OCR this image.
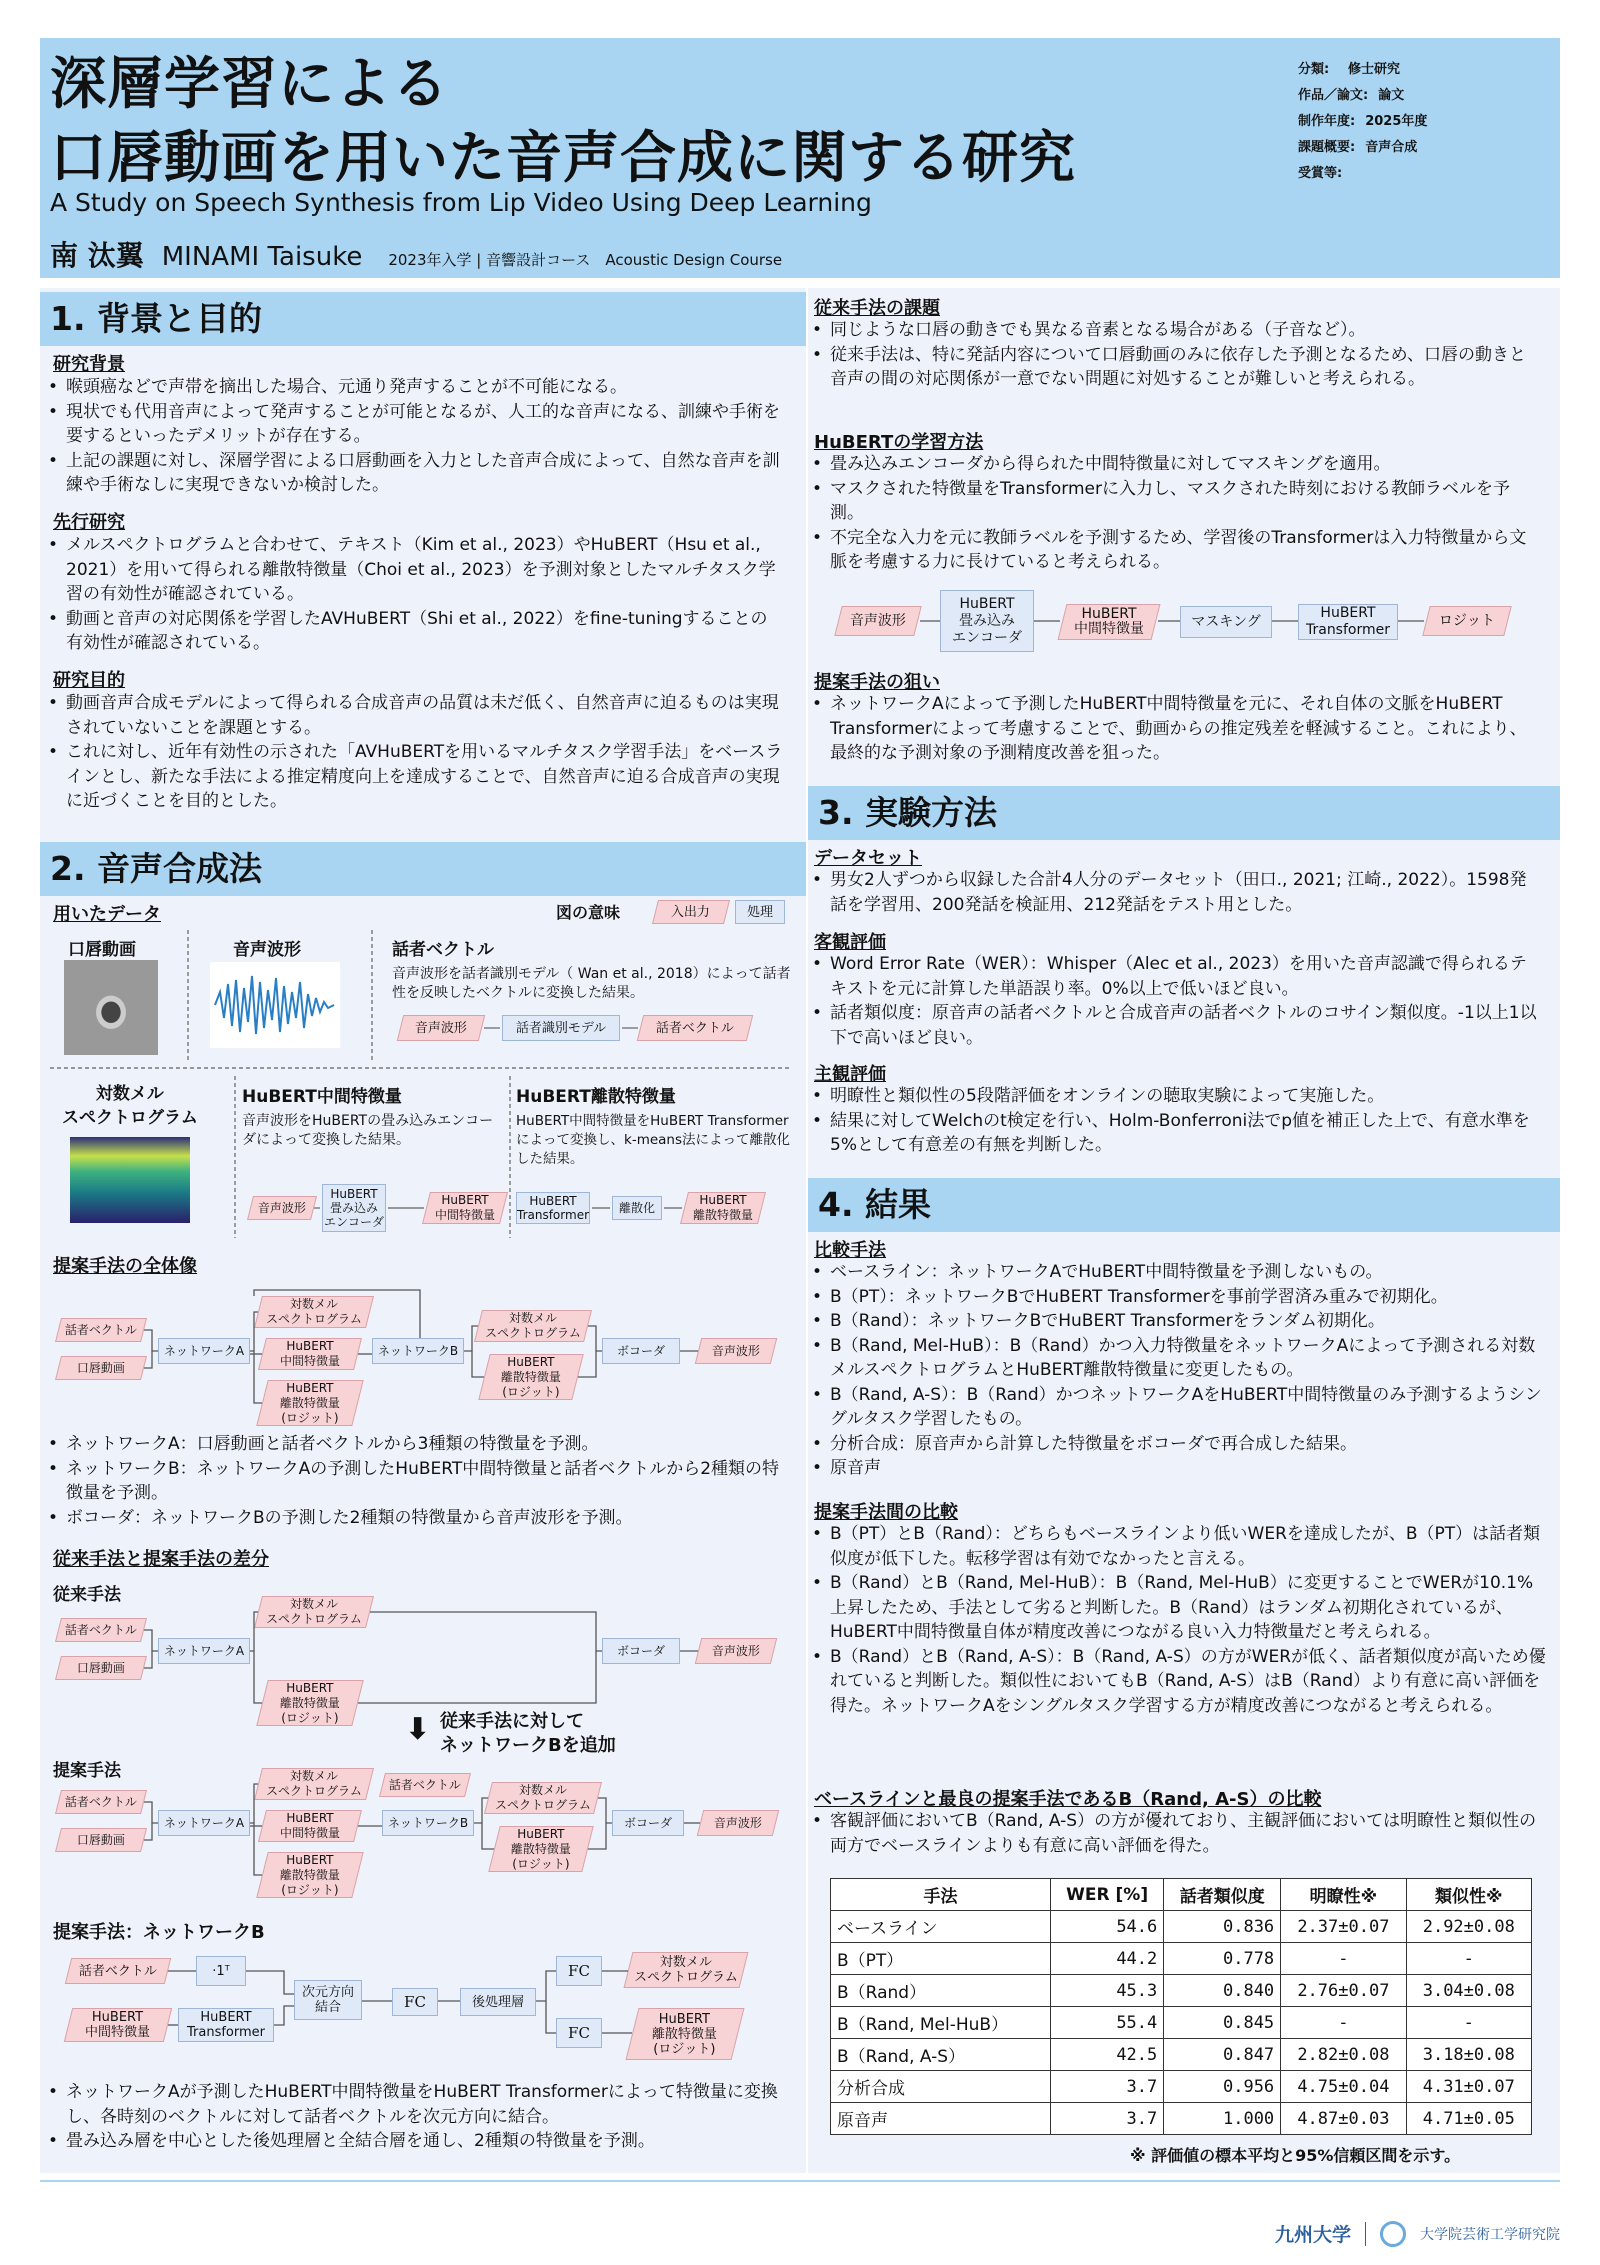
深層学習による
口唇動画を用いた音声合成に関する研究
A Study on Speech Synthesis from Lip Video Using Deep Learning
南 汰翼 MINAMI Taisuke 2023年入学 | 音響設計コース　Acoustic Design Course
分類:	修士研究
作品／論文: 論文
制作年度: 2025年度
課題概要: 音声合成
受賞等:
1. 背景と目的
研究背景
• 喉頭癌などで声帯を摘出した場合、元通り発声することが不可能になる。
• 現状でも代用音声によって発声することが可能となるが、人工的な音声になる、訓練や手術を要するといったデメリットが存在する。
• 上記の課題に対し、深層学習による口唇動画を入力とした音声合成によって、自然な音声を訓練や手術なしに実現できないか検討した。
先行研究
• メルスペクトログラムと合わせて、テキスト（Kim et al., 2023）やHuBERT（Hsu et al., 2021）を用いて得られる離散特徴量（Choi et al., 2023）を予測対象としたマルチタスク学習の有効性が確認されている。
• 動画と音声の対応関係を学習したAVHuBERT（Shi et al., 2022）をfine-tuningすることの有効性が確認されている。
研究目的
• 動画音声合成モデルによって得られる合成音声の品質は未だ低く、自然音声に迫るものは実現されていないことを課題とする。
• これに対し、近年有効性の示された「AVHuBERTを用いるマルチタスク学習手法」をベースラインとし、新たな手法による推定精度向上を達成することで、自然音声に迫る合成音声の実現に近づくことを目的とした。
2. 音声合成法
用いたデータ	図の意味	入出力	処理
口唇動画	音声波形	話者ベクトル
音声波形を話者識別モデル（ Wan et al., 2018）によって話者性を反映したベクトルに変換した結果。
音声波形	話者識別モデル	話者ベクトル
対数メル
スペクトログラム
HuBERT中間特徴量
音声波形をHuBERTの畳み込みエンコーダによって変換した結果。
音声波形
HuBERT
畳み込み
エンコーダ
HuBERT
中間特徴量
HuBERT離散特徴量
HuBERT中間特徴量をHuBERT Transformerによって変換し、k-means法によって離散化した結果。
HuBERT
Transformer
離散化
HuBERT
離散特徴量
提案手法の全体像
話者ベクトル
口唇動画
ネットワークA
対数メル
スペクトログラム
HuBERT
中間特徴量
HuBERT
離散特徴量
(ロジット)
ネットワークB
対数メル
スペクトログラム
HuBERT
離散特徴量
(ロジット)
ボコーダ	音声波形
• ネットワークA：口唇動画と話者ベクトルから3種類の特徴量を予測。
• ネットワークB：ネットワークAの予測したHuBERT中間特徴量と話者ベクトルから2種類の特徴量を予測。
• ボコーダ：ネットワークBの予測した2種類の特徴量から音声波形を予測。
従来手法と提案手法の差分
従来手法
話者ベクトル
口唇動画
ネットワークA
対数メル
スペクトログラム
HuBERT
離散特徴量
(ロジット)
ボコーダ	音声波形
⬇ 従来手法に対して
ネットワークBを追加
提案手法
話者ベクトル
口唇動画
ネットワークA
対数メル
スペクトログラム
HuBERT
中間特徴量
HuBERT
離散特徴量
(ロジット)
話者ベクトル
ネットワークB
対数メル
スペクトログラム
HuBERT
離散特徴量
(ロジット)
ボコーダ	音声波形
提案手法：ネットワークB
話者ベクトル	·1ᵀ
HuBERT
中間特徴量
HuBERT
Transformer
次元方向
結合	FC	後処理層
FC
FC
対数メル
スペクトログラム
HuBERT
離散特徴量
(ロジット)
• ネットワークAが予測したHuBERT中間特徴量をHuBERT Transformerによって特徴量に変換し、各時刻のベクトルに対して話者ベクトルを次元方向に結合。
• 畳み込み層を中心とした後処理層と全結合層を通し、2種類の特徴量を予測。
従来手法の課題
• 同じような口唇の動きでも異なる音素となる場合がある（子音など）。
• 従来手法は、特に発話内容について口唇動画のみに依存した予測となるため、口唇の動きと音声の間の対応関係が一意でない問題に対処することが難しいと考えられる。
HuBERTの学習方法
• 畳み込みエンコーダから得られた中間特徴量に対してマスキングを適用。
• マスクされた特徴量をTransformerに入力し、マスクされた時刻における教師ラベルを予測。
• 不完全な入力を元に教師ラベルを予測するため、学習後のTransformerは入力特徴量から文脈を考慮する力に長けていると考えられる。
音声波形
HuBERT
畳み込み
エンコーダ
HuBERT
中間特徴量	マスキング
HuBERT
Transformer
ロジット
提案手法の狙い
• ネットワークAによって予測したHuBERT中間特徴量を元に、それ自体の文脈をHuBERT Transformerによって考慮することで、動画からの推定残差を軽減すること。これにより、最終的な予測対象の予測精度改善を狙った。
3. 実験方法
データセット
• 男女2人ずつから収録した合計4人分のデータセット（田口., 2021; 江崎., 2022）。1598発話を学習用、200発話を検証用、212発話をテスト用とした。
客観評価
• Word Error Rate（WER）：Whisper（Alec et al., 2023）を用いた音声認識で得られるテキストを元に計算した単語誤り率。0%以上で低いほど良い。
• 話者類似度：原音声の話者ベクトルと合成音声の話者ベクトルのコサイン類似度。-1以上1以下で高いほど良い。
主観評価
• 明瞭性と類似性の5段階評価をオンラインの聴取実験によって実施した。
• 結果に対してWelchのt検定を行い、Holm-Bonferroni法でp値を補正した上で、有意水準を5%として有意差の有無を判断した。
4. 結果
比較手法
• ベースライン：ネットワークAでHuBERT中間特徴量を予測しないもの。
• B（PT）：ネットワークBでHuBERT Transformerを事前学習済み重みで初期化。
• B（Rand）：ネットワークBでHuBERT Transformerをランダム初期化。
• B（Rand, Mel-HuB）：B（Rand）かつ入力特徴量をネットワークAによって予測される対数メルスペクトログラムとHuBERT離散特徴量に変更したもの。
• B（Rand, A-S）：B（Rand）かつネットワークAをHuBERT中間特徴量のみ予測するようシングルタスク学習したもの。
• 分析合成：原音声から計算した特徴量をボコーダで再合成した結果。
• 原音声
提案手法間の比較
• B（PT）とB（Rand）：どちらもベースラインより低いWERを達成したが、B（PT）は話者類似度が低下した。転移学習は有効でなかったと言える。
• B（Rand）とB（Rand, Mel-HuB）：B（Rand, Mel-HuB）に変更することでWERが10.1%上昇したため、手法として劣ると判断した。B（Rand）はランダム初期化されているが、HuBERT中間特徴量自体が精度改善につながる良い入力特徴量だと考えられる。
• B（Rand）とB（Rand, A-S）：B（Rand, A-S）の方がWERが低く、話者類似度が高いため優れていると判断した。類似性においてもB（Rand, A-S）はB（Rand）より有意に高い評価を得た。ネットワークAをシングルタスク学習する方が精度改善につながると考えられる。
ベースラインと最良の提案手法であるB（Rand, A-S）の比較
• 客観評価においてB（Rand, A-S）の方が優れており、主観評価においては明瞭性と類似性の両方でベースラインよりも有意に高い評価を得た。
手法	WER [%]	話者類似度	明瞭性※	類似性※
ベースライン	54.6	0.836	2.37±0.07	2.92±0.08
B（PT）	44.2	0.778	-	-
B（Rand）	45.3	0.840	2.76±0.07	3.04±0.08
B（Rand, Mel-HuB）	55.4	0.845	-	-
B（Rand, A-S）	42.5	0.847	2.82±0.08	3.18±0.08
分析合成	3.7	0.956	4.75±0.04	4.31±0.07
原音声	3.7	1.000	4.87±0.03	4.71±0.05
※ 評価値の標本平均と95%信頼区間を示す。
九州大学	大学院芸術工学研究院
